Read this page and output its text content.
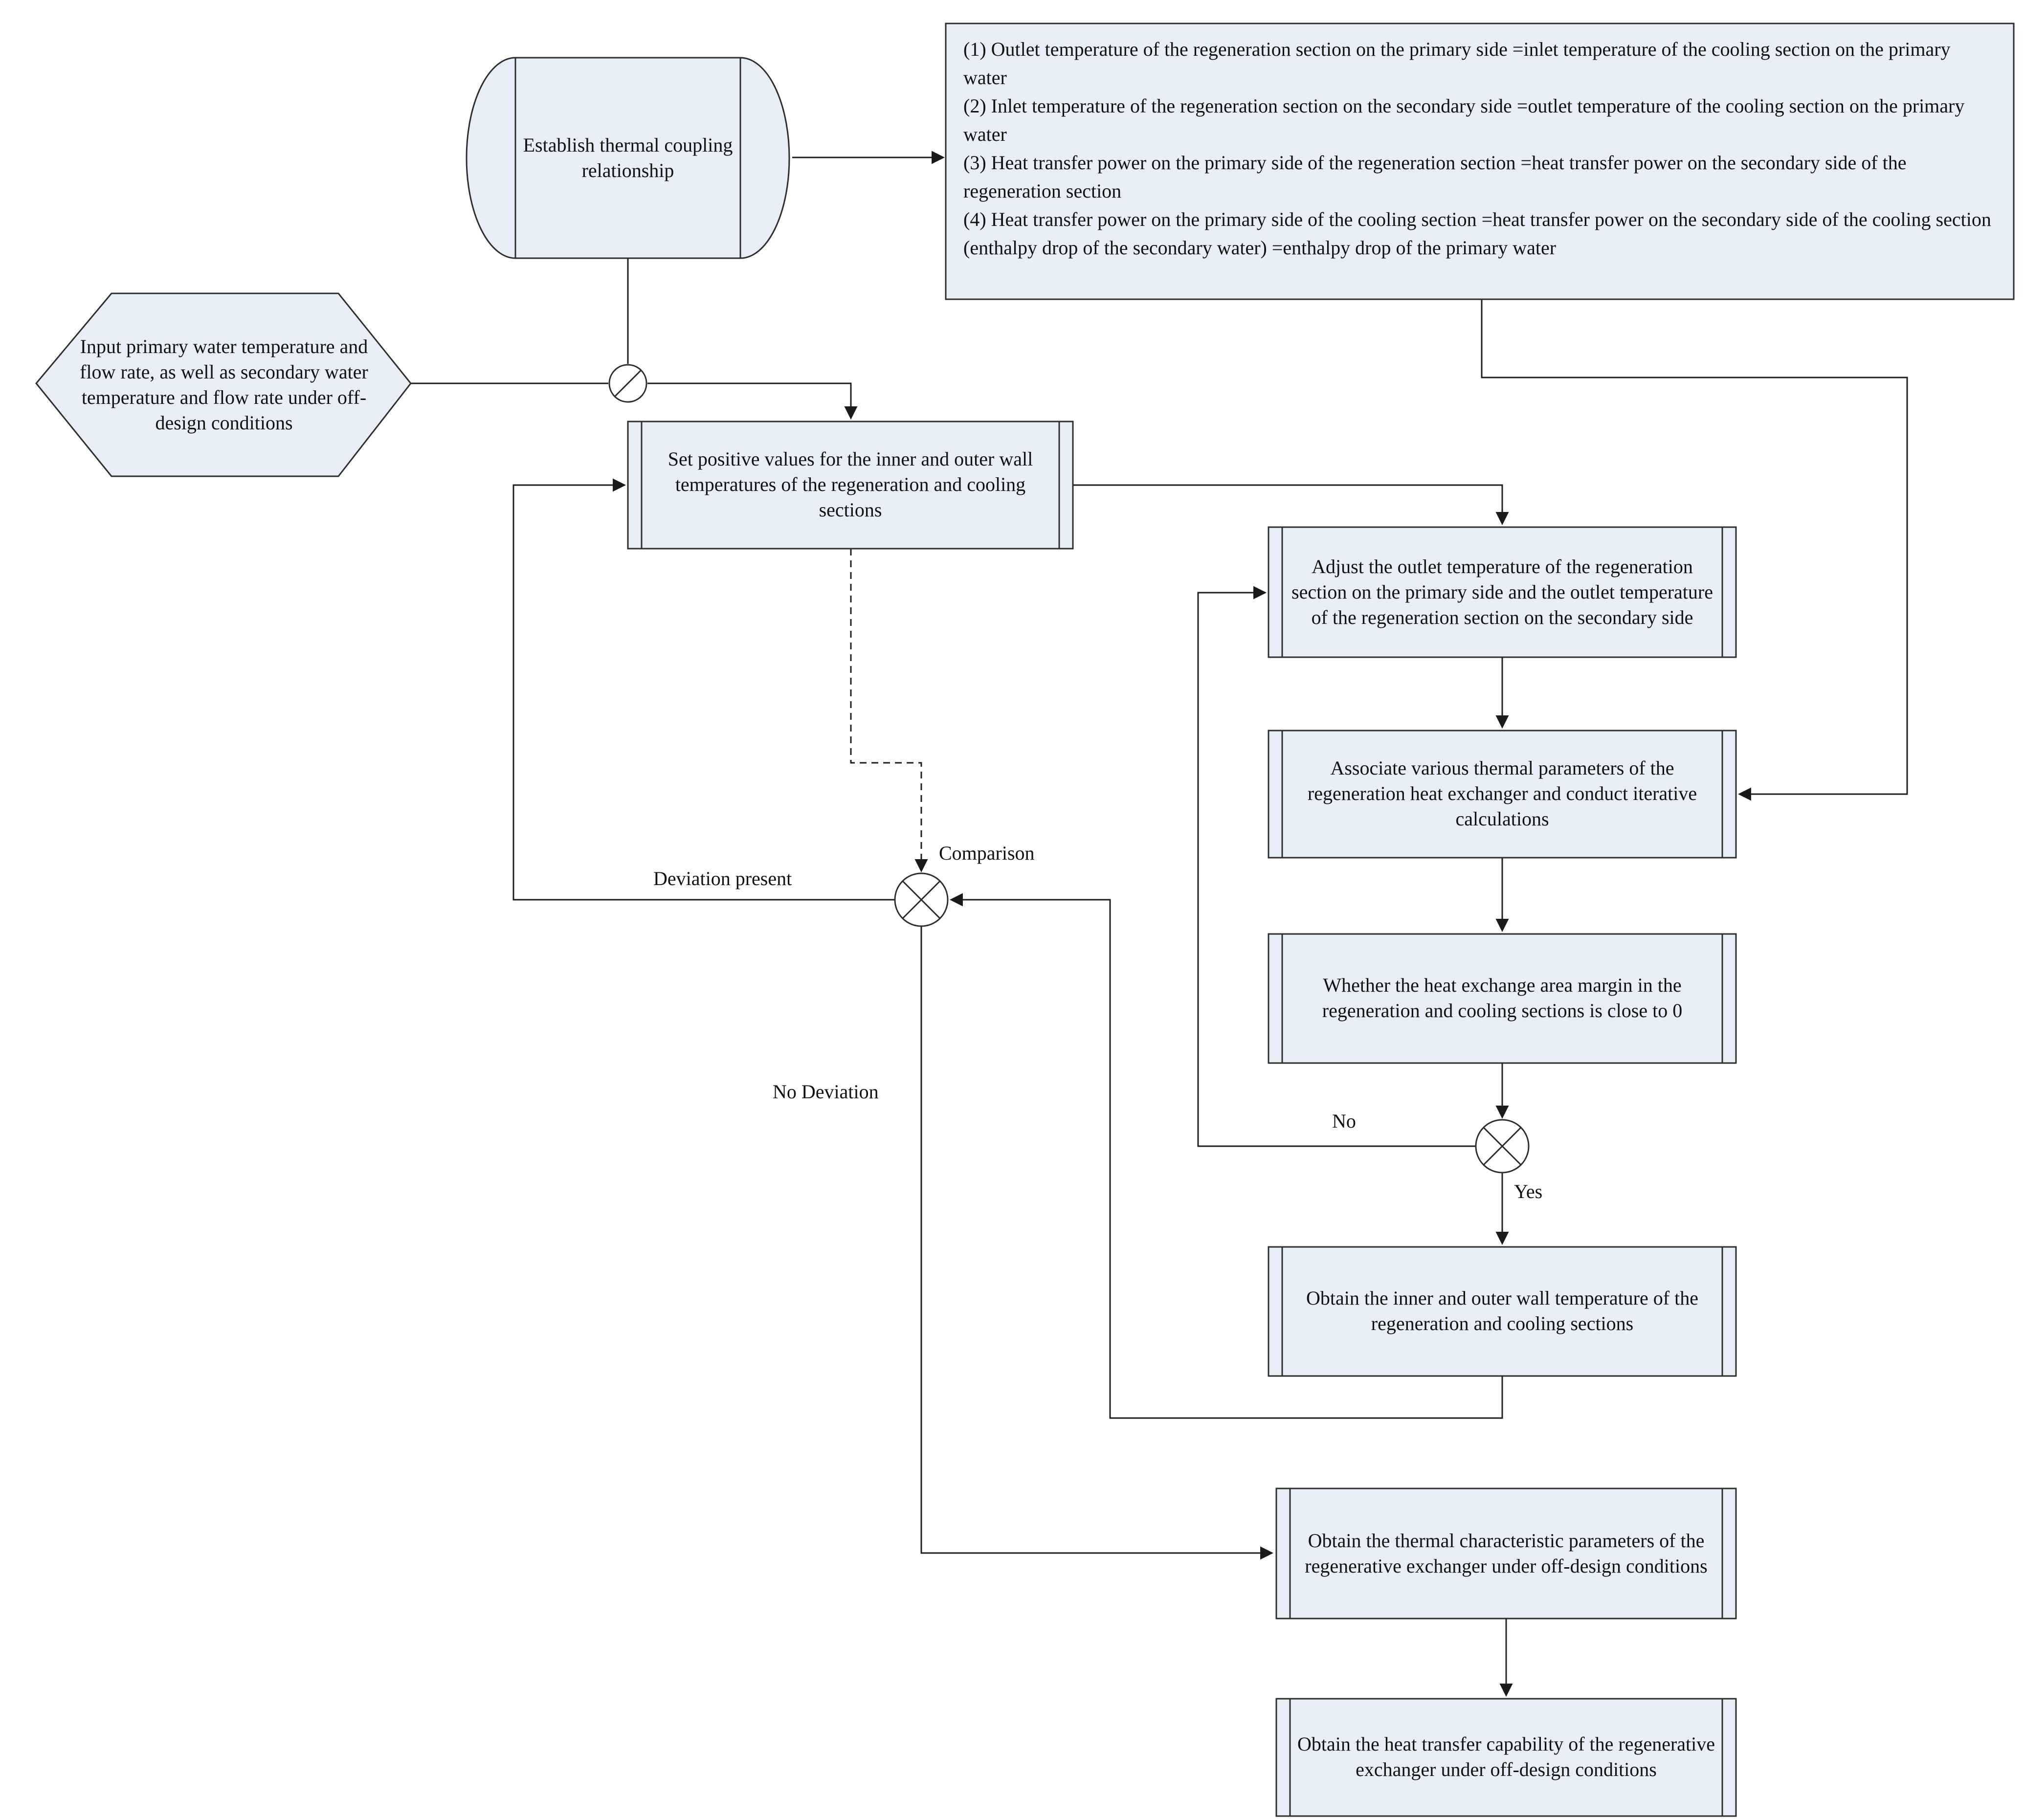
Establish thermal coupling relationship

(1) Outlet temperature of the regeneration section on the primary side =inlet temperature of the cooling section on the primary water

(2) Inlet temperature of the regeneration section on the secondary side =outlet temperature of the cooling section on the primary water

(3) Heat transfer power on the primary side of the regeneration section =heat transfer power on the secondary side of the regeneration section

(4) Heat transfer power on the primary side of the cooling section =heat transfer power on the secondary side of the cooling section (enthalpy drop of the secondary water) =enthalpy drop of the primary water

Input primary water temperature and flow rate, as well as secondary water temperature and flow rate under off-design conditions
Set positive values for the inner and outer wall temperatures of the regeneration and cooling sections
Adjust the outlet temperature of the regeneration section on the primary side and the outlet temperature of the regeneration section on the secondary side
Associate various thermal parameters of the regeneration heat exchanger and conduct iterative calculations
Whether the heat exchange area margin in the regeneration and cooling sections is close to 0
Obtain the inner and outer wall temperature of the regeneration and cooling sections
Obtain the thermal characteristic parameters of the regenerative exchanger under off-design conditions
Obtain the heat transfer capability of the regenerative exchanger under off-design conditions
Comparison
Deviation present
No Deviation
No
Yes
